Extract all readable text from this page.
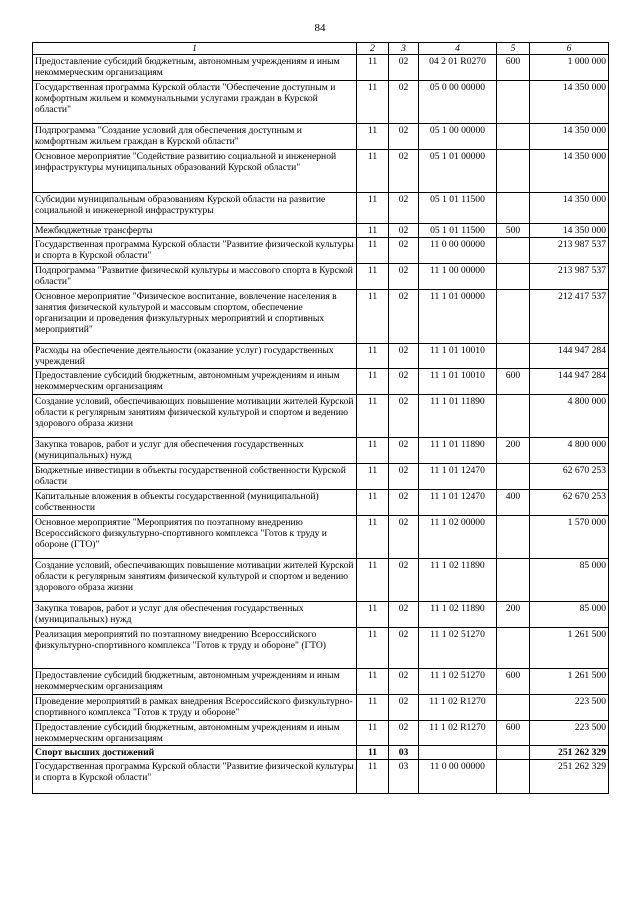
84
1	2	3	4	5	6
Предоставление субсидий бюджетным, автономным учреждениям и иным некоммерческим организациям	11	02	04 2 01 R0270	600	1 000 000
Государственная программа Курской области "Обеспечение доступным и комфортным жильем и коммунальными услугами граждан в Курской области"	11	02	05 0 00 00000		14 350 000
Подпрограмма "Создание условий для обеспечения доступным и комфортным жильем граждан в Курской области"	11	02	05 1 00 00000		14 350 000
Основное мероприятие "Содействие развитию социальной и инженерной инфраструктуры муниципальных образований Курской области"	11	02	05 1 01 00000		14 350 000
Субсидии муниципальным образованиям Курской области на развитие социальной и инженерной инфраструктуры	11	02	05 1 01 11500		14 350 000
Межбюджетные трансферты	11	02	05 1 01 11500	500	14 350 000
Государственная программа Курской области "Развитие физической культуры и спорта в Курской области"	11	02	11 0 00 00000		213 987 537
Подпрограмма "Развитие физической культуры и массового спорта в Курской области"	11	02	11 1 00 00000		213 987 537
Основное мероприятие "Физическое воспитание, вовлечение населения в занятия физической культурой и массовым спортом, обеспечение организации и проведения физкультурных мероприятий и спортивных мероприятий"	11	02	11 1 01 00000		212 417 537
Расходы на обеспечение деятельности (оказание услуг) государственных учреждений	11	02	11 1 01 10010		144 947 284
Предоставление субсидий бюджетным, автономным учреждениям и иным некоммерческим организациям	11	02	11 1 01 10010	600	144 947 284
Создание условий, обеспечивающих повышение мотивации жителей Курской области к регулярным занятиям физической культурой и спортом и ведению здорового образа жизни	11	02	11 1 01 11890		4 800 000
Закупка товаров, работ и услуг для обеспечения государственных (муниципальных) нужд	11	02	11 1 01 11890	200	4 800 000
Бюджетные инвестиции в объекты государственной собственности Курской области	11	02	11 1 01 12470		62 670 253
Капитальные вложения в объекты государственной (муниципальной) собственности	11	02	11 1 01 12470	400	62 670 253
Основное мероприятие "Мероприятия по поэтапному внедрению Всероссийского физкультурно-спортивного комплекса "Готов к труду и обороне (ГТО)"	11	02	11 1 02 00000		1 570 000
Создание условий, обеспечивающих повышение мотивации жителей Курской области к регулярным занятиям физической культурой и спортом и ведению здорового образа жизни	11	02	11 1 02 11890		85 000
Закупка товаров, работ и услуг для обеспечения государственных (муниципальных) нужд	11	02	11 1 02 11890	200	85 000
Реализация мероприятий по поэтапному внедрению Всероссийского физкультурно-спортивного комплекса "Готов к труду и обороне" (ГТО)	11	02	11 1 02 51270		1 261 500
Предоставление субсидий бюджетным, автономным учреждениям и иным некоммерческим организациям	11	02	11 1 02 51270	600	1 261 500
Проведение мероприятий в рамках внедрения Всероссийского физкультурно-спортивного комплекса "Готов к труду и обороне"	11	02	11 1 02 R1270		223 500
Предоставление субсидий бюджетным, автономным учреждениям и иным некоммерческим организациям	11	02	11 1 02 R1270	600	223 500
Спорт высших достижений	11	03			251 262 329
Государственная программа Курской области "Развитие физической культуры и спорта в Курской области"	11	03	11 0 00 00000		251 262 329
